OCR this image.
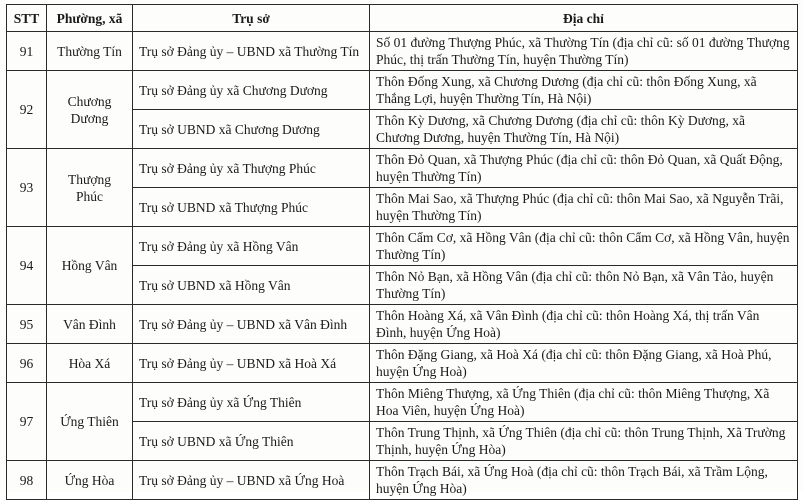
STT	Phường, xã	Trụ sở	Địa chỉ
91	Thường Tín	Trụ sở Đảng ủy – UBND xã Thường Tín	Số 01 đường Thượng Phúc, xã Thường Tín (địa chỉ cũ: số 01 đường Thượng Phúc, thị trấn Thường Tín, huyện Thường Tín)
92	Chương Dương	Trụ sở Đảng ủy xã Chương Dương	Thôn Đống Xung, xã Chương Dương (địa chỉ cũ: thôn Đống Xung, xã Thắng Lợi, huyện Thường Tín, Hà Nội)
		Trụ sở UBND xã Chương Dương	Thôn Kỳ Dương, xã Chương Dương (địa chỉ cũ: thôn Kỳ Dương, xã Chương Dương, huyện Thường Tín, Hà Nội)
93	Thượng Phúc	Trụ sở Đảng ủy xã Thượng Phúc	Thôn Đỏ Quan, xã Thượng Phúc (địa chỉ cũ: thôn Đỏ Quan, xã Quất Động, huyện Thường Tín)
		Trụ sở UBND xã Thượng Phúc	Thôn Mai Sao, xã Thượng Phúc (địa chỉ cũ: thôn Mai Sao, xã Nguyễn Trãi, huyện Thường Tín)
94	Hồng Vân	Trụ sở Đảng ủy xã Hồng Vân	Thôn Cẩm Cơ, xã Hồng Vân (địa chỉ cũ: thôn Cẩm Cơ, xã Hồng Vân, huyện Thường Tín)
		Trụ sở UBND xã Hồng Vân	Thôn Nỏ Bạn, xã Hồng Vân (địa chỉ cũ: thôn Nỏ Bạn, xã Vân Tảo, huyện Thường Tín)
95	Vân Đình	Trụ sở Đảng ủy – UBND xã Vân Đình	Thôn Hoàng Xá, xã Vân Đình (địa chỉ cũ: thôn Hoàng Xá, thị trấn Vân Đình, huyện Ứng Hoà)
96	Hòa Xá	Trụ sở Đảng ủy – UBND xã Hoà Xá	Thôn Đặng Giang, xã Hoà Xá (địa chỉ cũ: thôn Đặng Giang, xã Hoà Phú, huyện Ứng Hoà)
97	Ứng Thiên	Trụ sở Đảng ủy xã Ứng Thiên	Thôn Miêng Thượng, xã Ứng Thiên (địa chỉ cũ: thôn Miêng Thượng, Xã Hoa Viên, huyện Ứng Hoà)
		Trụ sở UBND xã Ứng Thiên	Thôn Trung Thịnh, xã Ứng Thiên (địa chỉ cũ: thôn Trung Thịnh, Xã Trường Thịnh, huyện Ứng Hòa)
98	Ứng Hòa	Trụ sở Đảng ủy – UBND xã Ứng Hoà	Thôn Trạch Bái, xã Ứng Hoà (địa chỉ cũ: thôn Trạch Bái, xã Trầm Lộng, huyện Ứng Hòa)
